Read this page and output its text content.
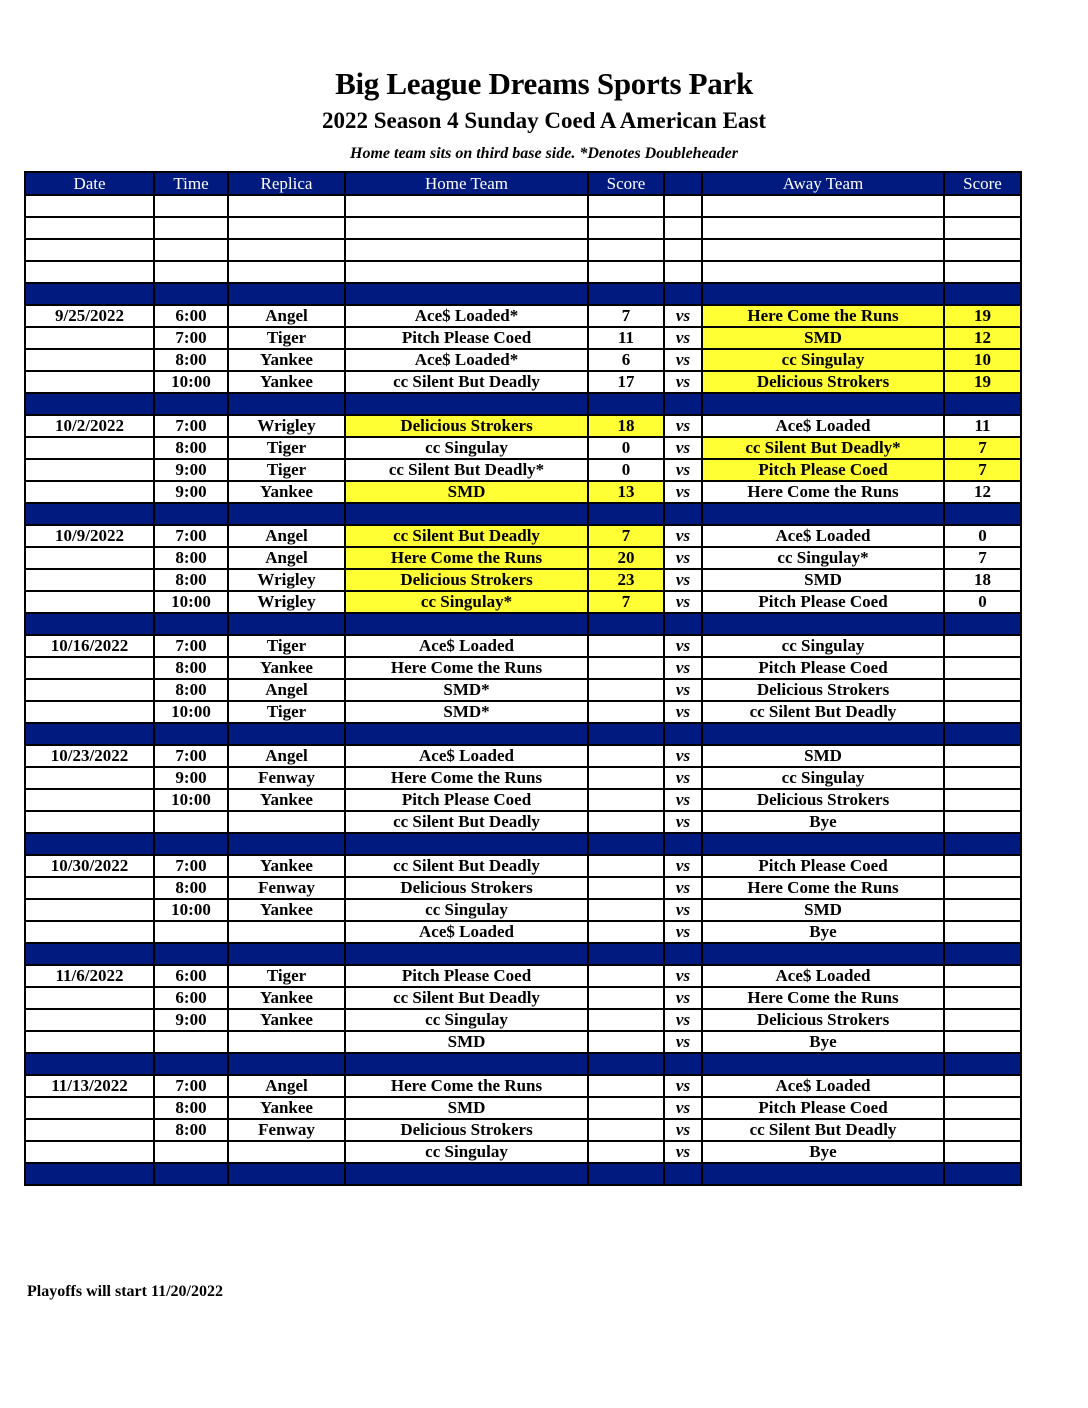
Big League Dreams Sports Park
2022 Season 4 Sunday Coed A American East
Home team sits on third base side. *Denotes Doubleheader
Date	Time	Replica	Home Team	Score		Away Team	Score

9/25/2022	6:00	Angel	Ace$ Loaded*	7	vs	Here Come the Runs	19
	7:00	Tiger	Pitch Please Coed	11	vs	SMD	12
	8:00	Yankee	Ace$ Loaded*	6	vs	cc Singulay	10
	10:00	Yankee	cc Silent But Deadly	17	vs	Delicious Strokers	19

10/2/2022	7:00	Wrigley	Delicious Strokers	18	vs	Ace$ Loaded	11
	8:00	Tiger	cc Singulay	0	vs	cc Silent But Deadly*	7
	9:00	Tiger	cc Silent But Deadly*	0	vs	Pitch Please Coed	7
	9:00	Yankee	SMD	13	vs	Here Come the Runs	12

10/9/2022	7:00	Angel	cc Silent But Deadly	7	vs	Ace$ Loaded	0
	8:00	Angel	Here Come the Runs	20	vs	cc Singulay*	7
	8:00	Wrigley	Delicious Strokers	23	vs	SMD	18
	10:00	Wrigley	cc Singulay*	7	vs	Pitch Please Coed	0

10/16/2022	7:00	Tiger	Ace$ Loaded		vs	cc Singulay	
	8:00	Yankee	Here Come the Runs		vs	Pitch Please Coed	
	8:00	Angel	SMD*		vs	Delicious Strokers	
	10:00	Tiger	SMD*		vs	cc Silent But Deadly	

10/23/2022	7:00	Angel	Ace$ Loaded		vs	SMD	
	9:00	Fenway	Here Come the Runs		vs	cc Singulay	
	10:00	Yankee	Pitch Please Coed		vs	Delicious Strokers	
			cc Silent But Deadly		vs	Bye	

10/30/2022	7:00	Yankee	cc Silent But Deadly		vs	Pitch Please Coed	
	8:00	Fenway	Delicious Strokers		vs	Here Come the Runs	
	10:00	Yankee	cc Singulay		vs	SMD	
			Ace$ Loaded		vs	Bye	

11/6/2022	6:00	Tiger	Pitch Please Coed		vs	Ace$ Loaded	
	6:00	Yankee	cc Silent But Deadly		vs	Here Come the Runs	
	9:00	Yankee	cc Singulay		vs	Delicious Strokers	
			SMD		vs	Bye	

11/13/2022	7:00	Angel	Here Come the Runs		vs	Ace$ Loaded	
	8:00	Yankee	SMD		vs	Pitch Please Coed	
	8:00	Fenway	Delicious Strokers		vs	cc Silent But Deadly	
			cc Singulay		vs	Bye	

Playoffs will start 11/20/2022
